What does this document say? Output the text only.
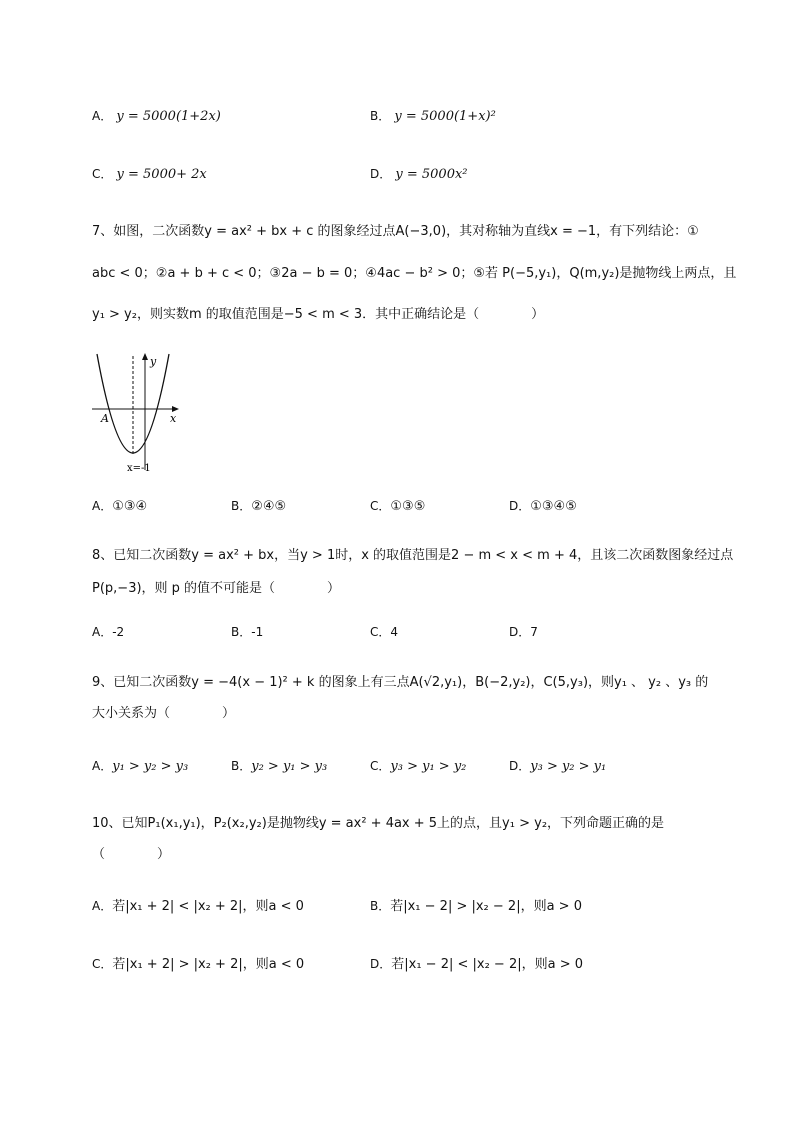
A． y = 5000(1+2x)	B． y = 5000(1+x)²
C． y = 5000+ 2x	D． y = 5000x²
7、如图，二次函数y = ax² + bx + c 的图象经过点A(−3,0)，其对称轴为直线x = −1，有下列结论：①
abc < 0；②a + b + c < 0；③2a − b = 0；④4ac − b² > 0；⑤若 P(−5,y₁)，Q(m,y₂)是抛物线上两点，且
y₁ > y₂，则实数m 的取值范围是−5 < m < 3．其中正确结论是（　　　　）
y
x
A
x=-1
A．①③④	B．②④⑤	C．①③⑤	D．①③④⑤
8、已知二次函数y = ax² + bx，当y > 1时，x 的取值范围是2 − m < x < m + 4，且该二次函数图象经过点
P(p,−3)，则 p 的值不可能是（　　　　）
A．-2	B．-1	C．4	D．7
9、已知二次函数y = −4(x − 1)² + k 的图象上有三点A(√2,y₁)，B(−2,y₂)，C(5,y₃)，则y₁ 、 y₂ 、y₃ 的
大小关系为（　　　　）
A．y₁ > y₂ > y₃	B．y₂ > y₁ > y₃	C．y₃ > y₁ > y₂	D．y₃ > y₂ > y₁
10、已知P₁(x₁,y₁)，P₂(x₂,y₂)是抛物线y = ax² + 4ax + 5上的点，且y₁ > y₂，下列命题正确的是
（　　　　）
A．若|x₁ + 2| < |x₂ + 2|，则a < 0	B．若|x₁ − 2| > |x₂ − 2|，则a > 0
C．若|x₁ + 2| > |x₂ + 2|，则a < 0	D．若|x₁ − 2| < |x₂ − 2|，则a > 0
